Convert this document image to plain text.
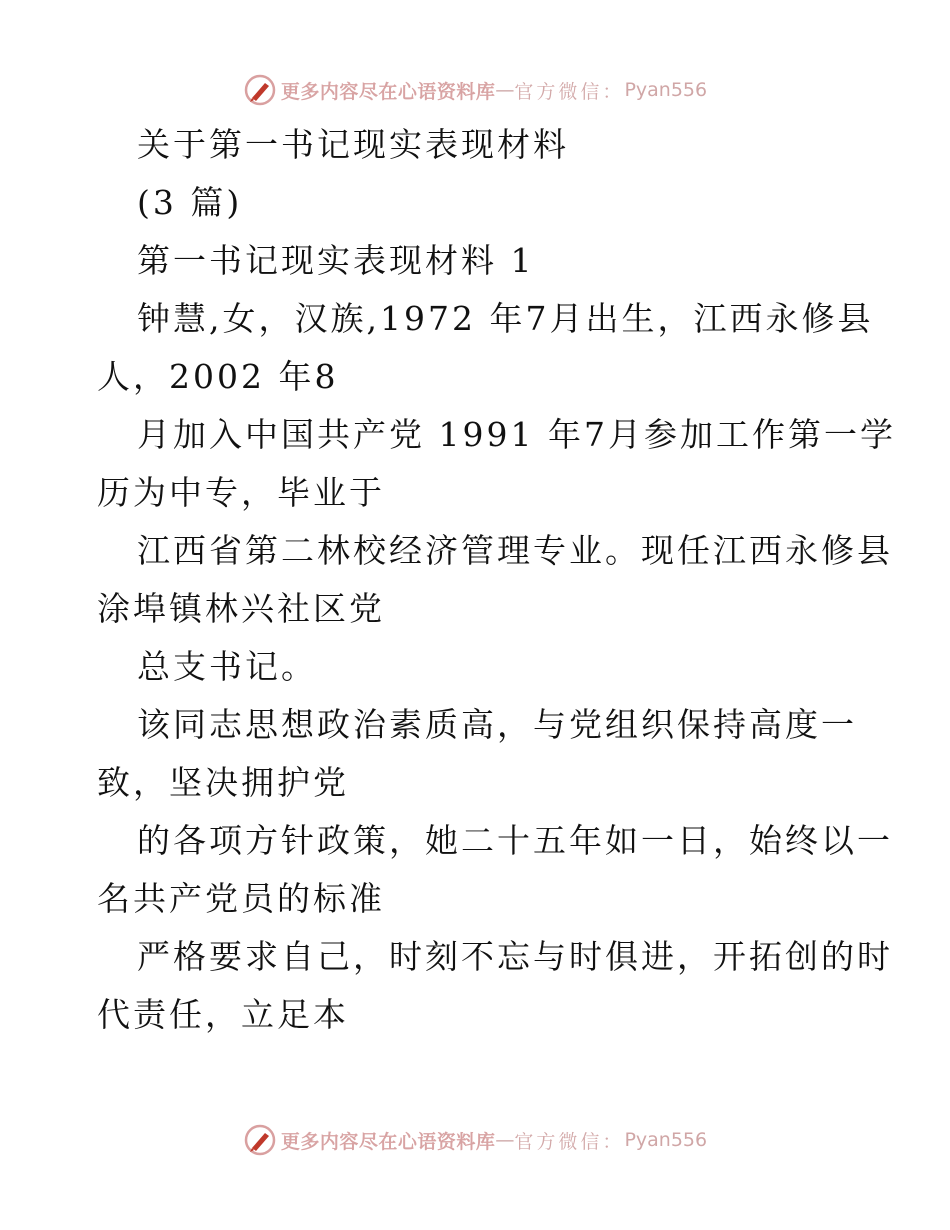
更多内容尽在心语资料库 — 官方微信： Pyan556
关于第一书记现实表现材料
(3 篇)
第一书记现实表现材料 1
钟慧,女，汉族,1972 年7月出生，江西永修县
人，2002 年8
月加入中国共产党 1991 年7月参加工作第一学
历为中专，毕业于
江西省第二林校经济管理专业。现任江西永修县
涂埠镇林兴社区党
总支书记。
该同志思想政治素质高，与党组织保持高度一
致，坚决拥护党
的各项方针政策，她二十五年如一日，始终以一
名共产党员的标准
严格要求自己，时刻不忘与时俱进，开拓创的时
代责任，立足本
更多内容尽在心语资料库 — 官方微信： Pyan556
